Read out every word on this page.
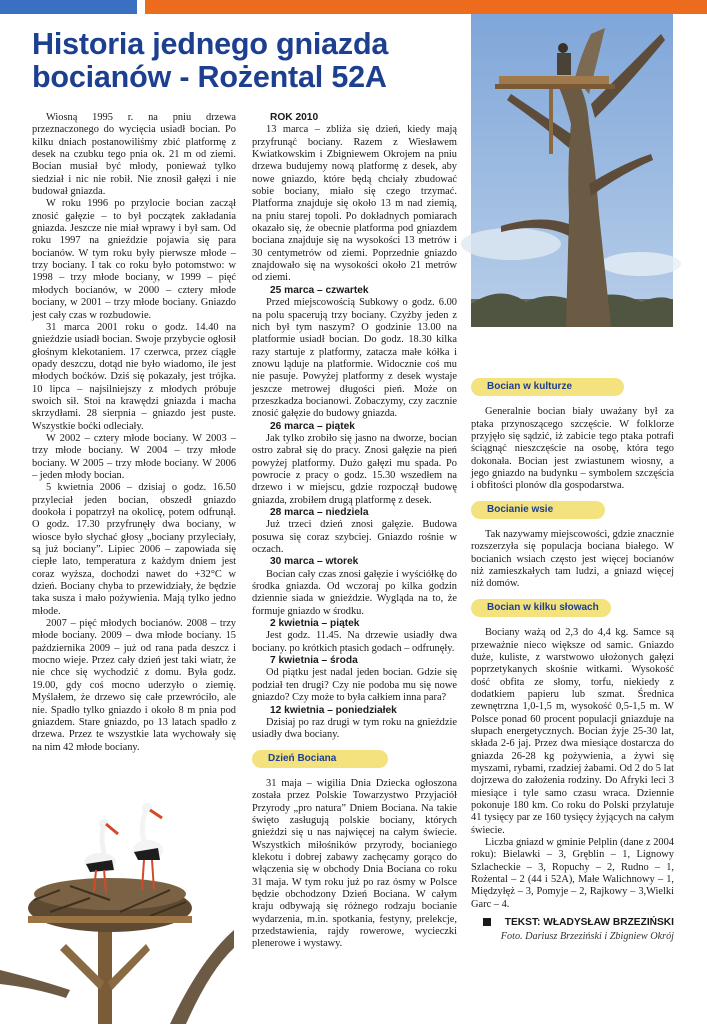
Historia jednego gniazda bocianów - Rożental 52A

Wiosną 1995 r. na pniu drzewa przeznaczonego do wycięcia usiadł bocian. Po kilku dniach postanowiliśmy zbić platformę z desek na czubku tego pnia ok. 21 m od ziemi. Bocian musiał być młody, ponieważ tylko siedział i nic nie robił. Nie znosił gałęzi i nie budował gniazda.

W roku 1996 po przylocie bocian zaczął znosić gałęzie – to był początek zakładania gniazda. Jeszcze nie miał wprawy i był sam. Od roku 1997 na gnieździe pojawia się para bocianów. W tym roku były pierwsze młode – trzy bociany. I tak co roku było potomstwo: w 1998 – trzy młode bociany, w 1999 – pięć młodych bocianów, w 2000 – cztery młode bociany, w 2001 – trzy młode bociany. Gniazdo jest cały czas w rozbudowie.

31 marca 2001 roku o godz. 14.40 na gnieździe usiadł bocian. Swoje przybycie ogłosił głośnym klekotaniem. 17 czerwca, przez ciągłe opady deszczu, dotąd nie było wiadomo, ile jest młodych boćków. Dziś się pokazały, jest trójka. 10 lipca – najsilniejszy z młodych próbuje swoich sił. Stoi na krawędzi gniazda i macha skrzydłami. 28 sierpnia – gniazdo jest puste. Wszystkie boćki odleciały.

W 2002 – cztery młode bociany. W 2003 – trzy młode bociany. W 2004 – trzy młode bociany. W 2005 – trzy młode bociany. W 2006 – jeden młody bocian.

5 kwietnia 2006 – dzisiaj o godz. 16.50 przyleciał jeden bocian, obszedł gniazdo dookoła i popatrzył na okolicę, potem odfrunął. O godz. 17.30 przyfrunęły dwa bociany, w wiosce było słychać głosy „bociany przyleciały, są już bociany”. Lipiec 2006 – zapowiada się ciepłe lato, temperatura z każdym dniem jest coraz wyższa, dochodzi nawet do +32°C w dzień. Bociany chyba to przewidziały, że będzie taka susza i mało pożywienia. Mają tylko jedno młode.

2007 – pięć młodych bocianów. 2008 – trzy młode bociany. 2009 – dwa młode bociany. 15 października 2009 – już od rana pada deszcz i mocno wieje. Przez cały dzień jest taki wiatr, że nie chce się wychodzić z domu. Była godz. 19.00, gdy coś mocno uderzyło o ziemię. Myślałem, że drzewo się całe przewróciło, ale nie. Spadło tylko gniazdo i około 8 m pnia pod gniazdem. Stare gniazdo, po 13 latach spadło z drzewa. Przez te wszystkie lata wychowały się na nim 42 młode bociany.

ROK 2010

13 marca – zbliża się dzień, kiedy mają przyfrunąć bociany. Razem z Wiesławem Kwiatkowskim i Zbigniewem Okrojem na pniu drzewa budujemy nową platformę z desek, aby nowe gniazdo, które będą chciały zbudować sobie bociany, miało się czego trzymać. Platforma znajduje się około 13 m nad ziemią, na pniu starej topoli. Po dokładnych pomiarach okazało się, że obecnie platforma pod gniazdem bociana znajduje się na wysokości 13 metrów i 30 centymetrów od ziemi. Poprzednie gniazdo znajdowało się na wysokości około 21 metrów od ziemi.

25 marca – czwartek

Przed miejscowością Subkowy o godz. 6.00 na polu spacerują trzy bociany. Czyżby jeden z nich był tym naszym? O godzinie 13.00 na platformie usiadł bocian. Do godz. 18.30 kilka razy startuje z platformy, zatacza małe kółka i znowu ląduje na platformie. Widocznie coś mu nie pasuje. Powyżej platformy z desek wystaje jeszcze metrowej długości pień. Może on przeszkadza bocianowi. Zobaczymy, czy zacznie znosić gałęzie do budowy gniazda.

26 marca – piątek

Jak tylko zrobiło się jasno na dworze, bocian ostro zabrał się do pracy. Znosi gałęzie na pień powyżej platformy. Dużo gałęzi mu spada. Po powrocie z pracy o godz. 15.30 wszedłem na drzewo i w miejscu, gdzie rozpoczął budowę gniazda, zrobiłem drugą platformę z desek.

28 marca – niedziela

Już trzeci dzień znosi gałęzie. Budowa posuwa się coraz szybciej. Gniazdo rośnie w oczach.

30 marca – wtorek

Bocian cały czas znosi gałęzie i wyściółkę do środka gniazda. Od wczoraj po kilka godzin dziennie siada w gnieździe. Wygląda na to, że formuje gniazdo w środku.

2 kwietnia – piątek

Jest godz. 11.45. Na drzewie usiadły dwa bociany. po krótkich ptasich godach – odfrunęły.

7 kwietnia – środa

Od piątku jest nadal jeden bocian. Gdzie się podział ten drugi? Czy nie podoba mu się nowe gniazdo? Czy może to była całkiem inna para?

12 kwietnia – poniedziałek

Dzisiaj po raz drugi w tym roku na gnieździe usiadły dwa bociany.

Dzień Bociana

31 maja – wigilia Dnia Dziecka ogłoszona została przez Polskie Towarzystwo Przyjaciół Przyrody „pro natura” Dniem Bociana. Na takie święto zasługują polskie bociany, których gnieździ się u nas najwięcej na całym świecie. Wszystkich miłośników przyrody, bocianiego klekotu i dobrej zabawy zachęcamy gorąco do włączenia się w obchody Dnia Bociana co roku 31 maja. W tym roku już po raz ósmy w Polsce będzie obchodzony Dzień Bociana. W całym kraju odbywają się różnego rodzaju bocianie wydarzenia, m.in. spotkania, festyny, prelekcje, przedstawienia, rajdy rowerowe, wycieczki plenerowe i wystawy.

Bocian w kulturze

Generalnie bocian biały uważany był za ptaka przynoszącego szczęście. W folklorze przyjęło się sądzić, iż zabicie tego ptaka potrafi ściągnąć nieszczęście na osobę, która tego dokonała. Bocian jest zwiastunem wiosny, a jego gniazdo na budynku – symbolem szczęścia i obfitości plonów dla gospodarstwa.

Bocianie wsie

Tak nazywamy miejscowości, gdzie znacznie rozszerzyła się populacja bociana białego. W bocianich wsiach często jest więcej bocianów niż zamieszkałych tam ludzi, a gniazd więcej niż domów.

Bocian w kilku słowach

Bociany ważą od 2,3 do 4,4 kg. Samce są przeważnie nieco większe od samic. Gniazdo duże, kuliste, z warstwowo ułożonych gałęzi poprzetykanych skośnie witkami. Wysokość dość obfita ze słomy, torfu, niekiedy z dodatkiem papieru lub szmat. Średnica zewnętrzna 1,0-1,5 m, wysokość 0,5-1,5 m. W Polsce ponad 60 procent populacji gniazduje na słupach energetycznych. Bocian żyje 25-30 lat, składa 2-6 jaj. Przez dwa miesiące dostarcza do gniazda 26-28 kg pożywienia, a żywi się myszami, rybami, rzadziej żabami. Od 2 do 5 lat dojrzewa do założenia rodziny. Do Afryki leci 3 miesiące i tyle samo czasu wraca. Dziennie pokonuje 180 km. Co roku do Polski przylatuje 41 tysięcy par ze 160 tysięcy żyjących na całym świecie.

Liczba gniazd w gminie Pelplin (dane z 2004 roku): Bielawki – 3, Gręblin – 1, Lignowy Szlacheckie – 3, Ropuchy – 2, Rudno – 1, Rożental – 2 (44 i 52A), Małe Walichnowy – 1, Międzyłęż – 3, Pomyje – 2, Rajkowy – 3,Wielki Garc – 4.

TEKST: WŁADYSŁAW BRZEZIŃSKI
Foto. Dariusz Brzeziński i Zbigniew Okrój
